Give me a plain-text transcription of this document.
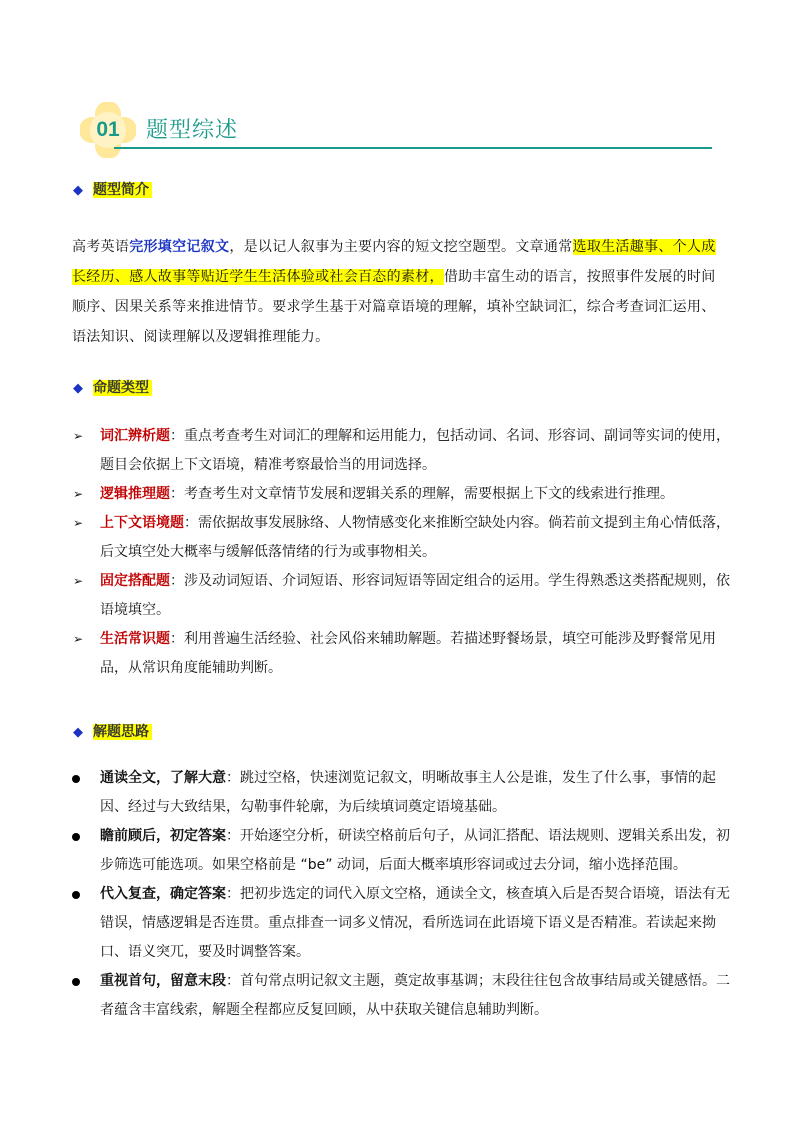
01	题型综述
◆ 题型简介
高考英语完形填空记叙文，是以记人叙事为主要内容的短文挖空题型。文章通常选取生活趣事、个人成长经历、感人故事等贴近学生生活体验或社会百态的素材，借助丰富生动的语言，按照事件发展的时间顺序、因果关系等来推进情节。要求学生基于对篇章语境的理解，填补空缺词汇，综合考查词汇运用、语法知识、阅读理解以及逻辑推理能力。
◆ 命题类型
➢ 词汇辨析题：重点考查考生对词汇的理解和运用能力，包括动词、名词、形容词、副词等实词的使用，题目会依据上下文语境，精准考察最恰当的用词选择。
➢ 逻辑推理题：考查考生对文章情节发展和逻辑关系的理解，需要根据上下文的线索进行推理。
➢ 上下文语境题：需依据故事发展脉络、人物情感变化来推断空缺处内容。倘若前文提到主角心情低落，后文填空处大概率与缓解低落情绪的行为或事物相关。
➢ 固定搭配题：涉及动词短语、介词短语、形容词短语等固定组合的运用。学生得熟悉这类搭配规则，依语境填空。
➢ 生活常识题：利用普遍生活经验、社会风俗来辅助解题。若描述野餐场景，填空可能涉及野餐常见用品，从常识角度能辅助判断。
◆ 解题思路
通读全文，了解大意：跳过空格，快速浏览记叙文，明晰故事主人公是谁，发生了什么事，事情的起因、经过与大致结果，勾勒事件轮廓，为后续填词奠定语境基础。
瞻前顾后，初定答案：开始逐空分析，研读空格前后句子，从词汇搭配、语法规则、逻辑关系出发，初步筛选可能选项。如果空格前是 “be” 动词，后面大概率填形容词或过去分词，缩小选择范围。
代入复查，确定答案：把初步选定的词代入原文空格，通读全文，核查填入后是否契合语境，语法有无错误，情感逻辑是否连贯。重点排查一词多义情况，看所选词在此语境下语义是否精准。若读起来拗口、语义突兀，要及时调整答案。
重视首句，留意末段：首句常点明记叙文主题，奠定故事基调；末段往往包含故事结局或关键感悟。二者蕴含丰富线索，解题全程都应反复回顾，从中获取关键信息辅助判断。
